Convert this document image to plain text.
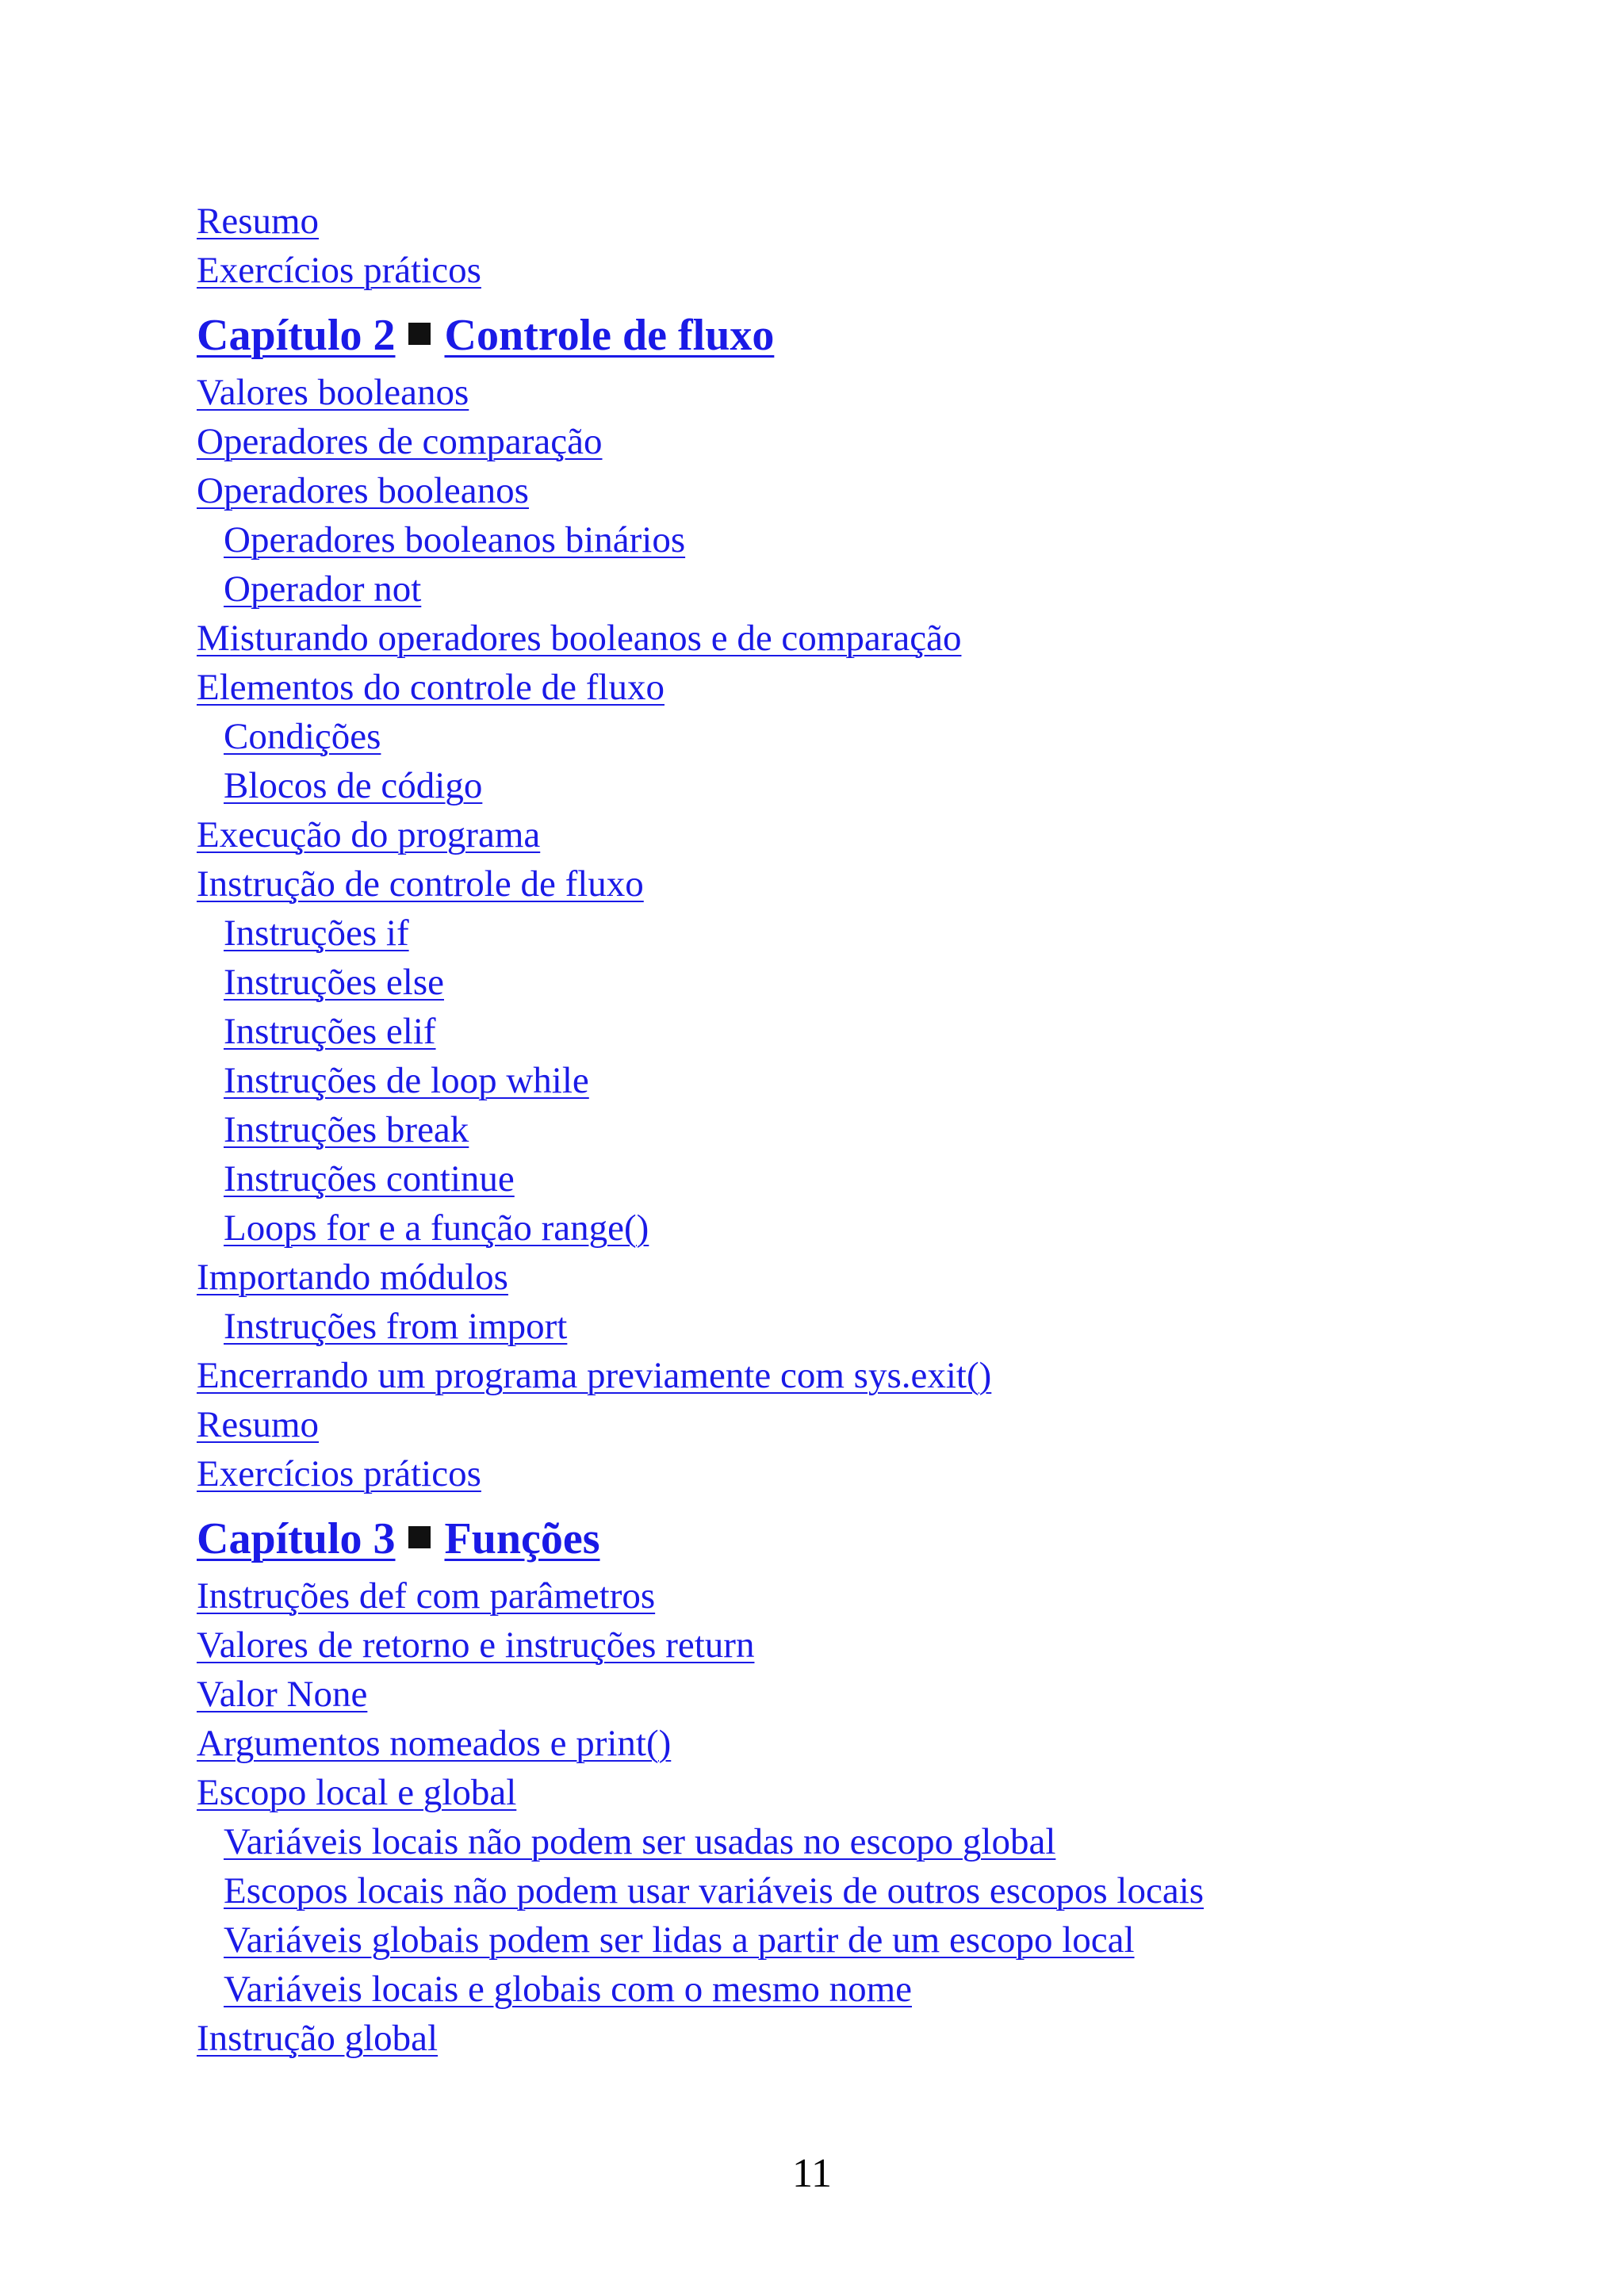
Resumo
Exercícios práticos
Capítulo 2 Controle de fluxo
Valores booleanos
Operadores de comparação
Operadores booleanos
Operadores booleanos binários
Operador not
Misturando operadores booleanos e de comparação
Elementos do controle de fluxo
Condições
Blocos de código
Execução do programa
Instrução de controle de fluxo
Instruções if
Instruções else
Instruções elif
Instruções de loop while
Instruções break
Instruções continue
Loops for e a função range()
Importando módulos
Instruções from import
Encerrando um programa previamente com sys.exit()
Resumo
Exercícios práticos
Capítulo 3 Funções
Instruções def com parâmetros
Valores de retorno e instruções return
Valor None
Argumentos nomeados e print()
Escopo local e global
Variáveis locais não podem ser usadas no escopo global
Escopos locais não podem usar variáveis de outros escopos locais
Variáveis globais podem ser lidas a partir de um escopo local
Variáveis locais e globais com o mesmo nome
Instrução global
11
